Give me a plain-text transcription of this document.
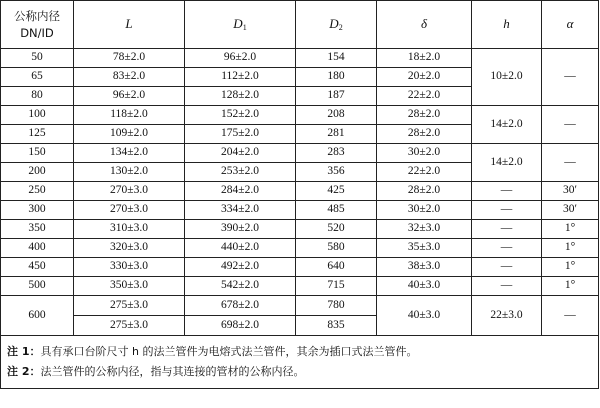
公称内径
DN/ID	L	$D_1$	$D_2$	δ	h	α
50	78±2.0	96±2.0	154	18±2.0	10±2.0	—
65	83±2.0	112±2.0	180	20±2.0		
80	96±2.0	128±2.0	187	22±2.0		
100	118±2.0	152±2.0	208	28±2.0	14±2.0	—
125	109±2.0	175±2.0	281	28±2.0		
150	134±2.0	204±2.0	283	30±2.0	14±2.0	—
200	130±2.0	253±2.0	356	22±2.0		
250	270±3.0	284±2.0	425	28±2.0	—	30′
300	270±3.0	334±2.0	485	30±2.0	—	30′
350	310±3.0	390±2.0	520	32±3.0	—	1°
400	320±3.0	440±2.0	580	35±3.0	—	1°
450	330±3.0	492±2.0	640	38±3.0	—	1°
500	350±3.0	542±2.0	715	40±3.0	—	1°
600	275±3.0	678±2.0	780	40±3.0	22±3.0	—
	275±3.0	698±2.0	835			

注 1：具有承口台阶尺寸 h 的法兰管件为电熔式法兰管件，其余为插口式法兰管件。
注 2：法兰管件的公称内径，指与其连接的管材的公称内径。						
